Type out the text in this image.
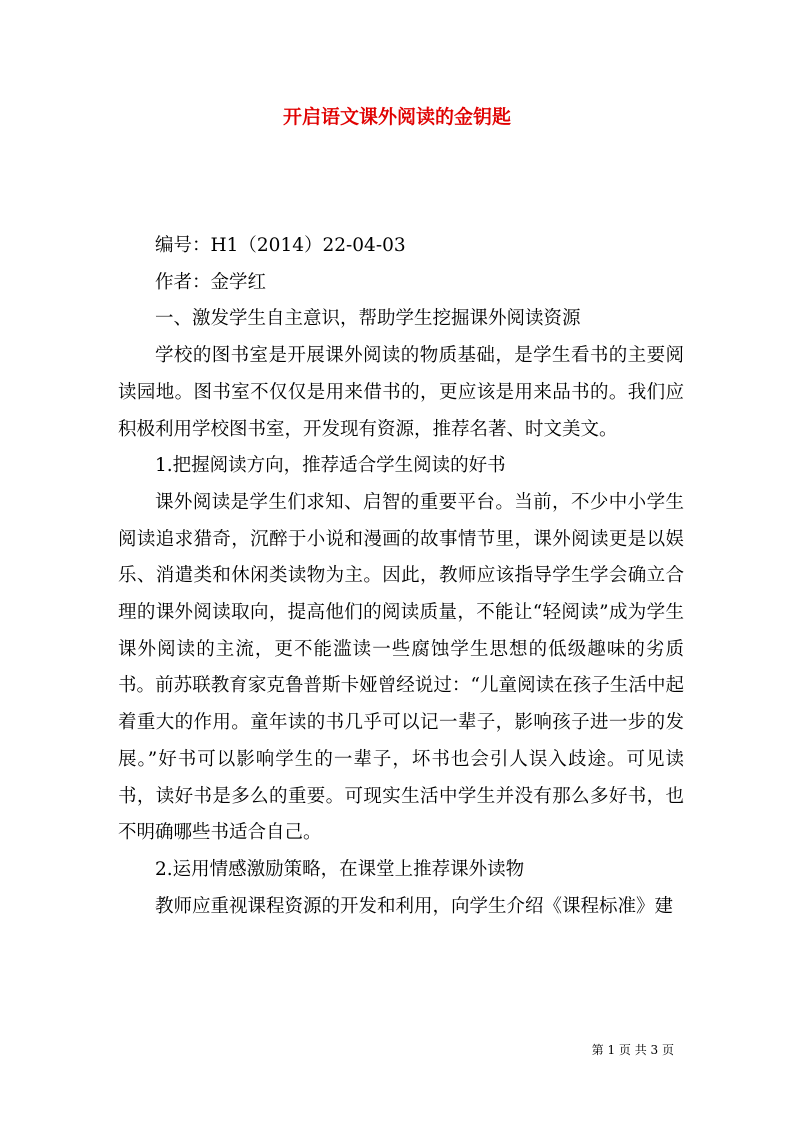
开启语文课外阅读的金钥匙

编号：H1（2014）22-04-03

作者：金学红

一、激发学生自主意识，帮助学生挖掘课外阅读资源

学校的图书室是开展课外阅读的物质基础，是学生看书的主要阅读园地。图书室不仅仅是用来借书的，更应该是用来品书的。我们应积极利用学校图书室，开发现有资源，推荐名著、时文美文。

1.把握阅读方向，推荐适合学生阅读的好书

课外阅读是学生们求知、启智的重要平台。当前，不少中小学生阅读追求猎奇，沉醉于小说和漫画的故事情节里，课外阅读更是以娱乐、消遣类和休闲类读物为主。因此，教师应该指导学生学会确立合理的课外阅读取向，提高他们的阅读质量，不能让“轻阅读”成为学生课外阅读的主流，更不能滥读一些腐蚀学生思想的低级趣味的劣质书。前苏联教育家克鲁普斯卡娅曾经说过：“儿童阅读在孩子生活中起着重大的作用。童年读的书几乎可以记一辈子，影响孩子进一步的发展。”好书可以影响学生的一辈子，坏书也会引人误入歧途。可见读书，读好书是多么的重要。可现实生活中学生并没有那么多好书，也不明确哪些书适合自己。

2.运用情感激励策略，在课堂上推荐课外读物

教师应重视课程资源的开发和利用，向学生介绍《课程标准》建

第 1 页 共 3 页
